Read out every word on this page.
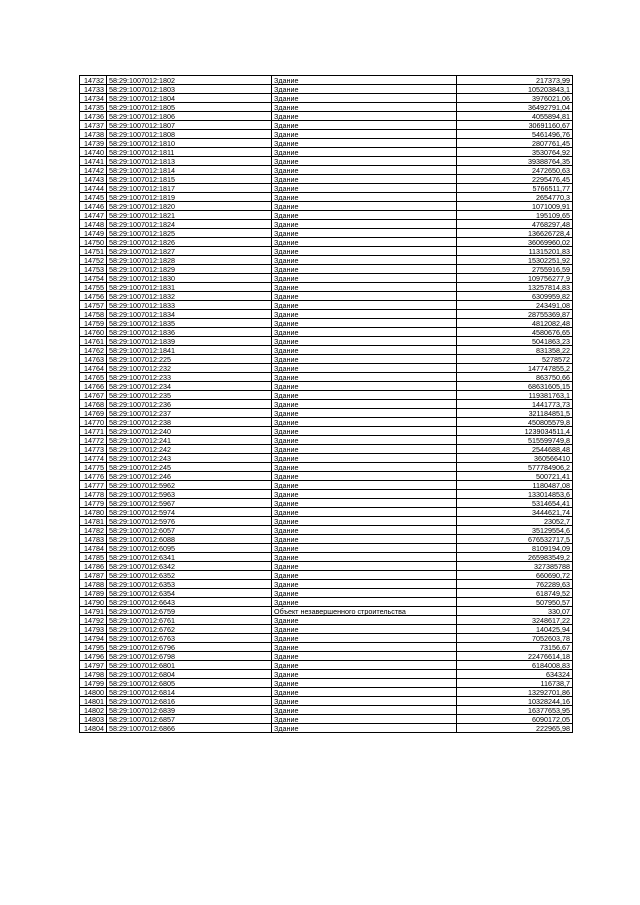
14732	58:29:1007012:1802	Здание	217373,99
14733	58:29:1007012:1803	Здание	105203843,1
14734	58:29:1007012:1804	Здание	3976021,06
14735	58:29:1007012:1805	Здание	36492791,04
14736	58:29:1007012:1806	Здание	4055894,81
14737	58:29:1007012:1807	Здание	30691160,67
14738	58:29:1007012:1808	Здание	5461496,76
14739	58:29:1007012:1810	Здание	2807761,45
14740	58:29:1007012:1811	Здание	3530764,92
14741	58:29:1007012:1813	Здание	39388764,35
14742	58:29:1007012:1814	Здание	2472650,63
14743	58:29:1007012:1815	Здание	2295476,45
14744	58:29:1007012:1817	Здание	5766511,77
14745	58:29:1007012:1819	Здание	2654770,3
14746	58:29:1007012:1820	Здание	1071009,91
14747	58:29:1007012:1821	Здание	195109,65
14748	58:29:1007012:1824	Здание	4768297,48
14749	58:29:1007012:1825	Здание	136626728,4
14750	58:29:1007012:1826	Здание	36069960,02
14751	58:29:1007012:1827	Здание	11315201,83
14752	58:29:1007012:1828	Здание	15302251,92
14753	58:29:1007012:1829	Здание	2755916,59
14754	58:29:1007012:1830	Здание	109756277,9
14755	58:29:1007012:1831	Здание	13257814,83
14756	58:29:1007012:1832	Здание	6309959,82
14757	58:29:1007012:1833	Здание	243491,08
14758	58:29:1007012:1834	Здание	28755369,87
14759	58:29:1007012:1835	Здание	4812082,48
14760	58:29:1007012:1836	Здание	4580676,65
14761	58:29:1007012:1839	Здание	5041863,23
14762	58:29:1007012:1841	Здание	831358,22
14763	58:29:1007012:225	Здание	5278572
14764	58:29:1007012:232	Здание	147747855,2
14765	58:29:1007012:233	Здание	863750,66
14766	58:29:1007012:234	Здание	68631605,15
14767	58:29:1007012:235	Здание	119381763,1
14768	58:29:1007012:236	Здание	1441773,73
14769	58:29:1007012:237	Здание	321184851,5
14770	58:29:1007012:238	Здание	450805579,8
14771	58:29:1007012:240	Здание	1239034511,4
14772	58:29:1007012:241	Здание	515599749,8
14773	58:29:1007012:242	Здание	2544688,48
14774	58:29:1007012:243	Здание	360566410
14775	58:29:1007012:245	Здание	577784906,2
14776	58:29:1007012:246	Здание	500721,41
14777	58:29:1007012:5962	Здание	1180487,08
14778	58:29:1007012:5963	Здание	133014853,6
14779	58:29:1007012:5967	Здание	5314654,41
14780	58:29:1007012:5974	Здание	3444621,74
14781	58:29:1007012:5976	Здание	23052,7
14782	58:29:1007012:6057	Здание	35129554,6
14783	58:29:1007012:6088	Здание	676532717,5
14784	58:29:1007012:6095	Здание	8109194,09
14785	58:29:1007012:6341	Здание	265983549,2
14786	58:29:1007012:6342	Здание	327385788
14787	58:29:1007012:6352	Здание	660690,72
14788	58:29:1007012:6353	Здание	762289,63
14789	58:29:1007012:6354	Здание	618749,52
14790	58:29:1007012:6643	Здание	507950,57
14791	58:29:1007012:6759	Объект незавершенного строительства	330,07
14792	58:29:1007012:6761	Здание	3248617,22
14793	58:29:1007012:6762	Здание	140425,94
14794	58:29:1007012:6763	Здание	7052603,78
14795	58:29:1007012:6796	Здание	73156,67
14796	58:29:1007012:6798	Здание	22476614,18
14797	58:29:1007012:6801	Здание	6184008,83
14798	58:29:1007012:6804	Здание	634324
14799	58:29:1007012:6805	Здание	116738,7
14800	58:29:1007012:6814	Здание	13292701,86
14801	58:29:1007012:6816	Здание	10328244,16
14802	58:29:1007012:6839	Здание	16377653,95
14803	58:29:1007012:6857	Здание	6090172,05
14804	58:29:1007012:6866	Здание	222965,98
